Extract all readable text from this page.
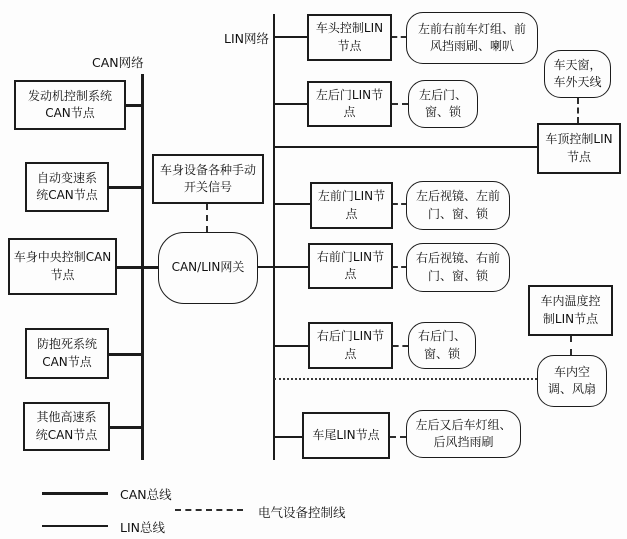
CAN网络
LIN网络
发动机控制系统
CAN节点
自动变速系
统CAN节点
车身中央控制CAN
节点
防抱死系统
CAN节点
其他高速系
统CAN节点
车身设备各种手动
开关信号
CAN/LIN网关
车头控制LIN
节点
左后门LIN节
点
左前门LIN节
点
右前门LIN节
点
右后门LIN节
点
车尾LIN节点
左前右前车灯组、前
风挡雨刷、喇叭
左后门、
窗、锁
左后视镜、左前
门、窗、锁
右后视镜、右前
门、窗、锁
右后门、
窗、锁
左后又后车灯组、
后风挡雨刷
车天窗，
车外天线
车顶控制LIN
节点
车内温度控
制LIN节点
车内空
调、风扇
CAN总线
电气设备控制线
LIN总线
